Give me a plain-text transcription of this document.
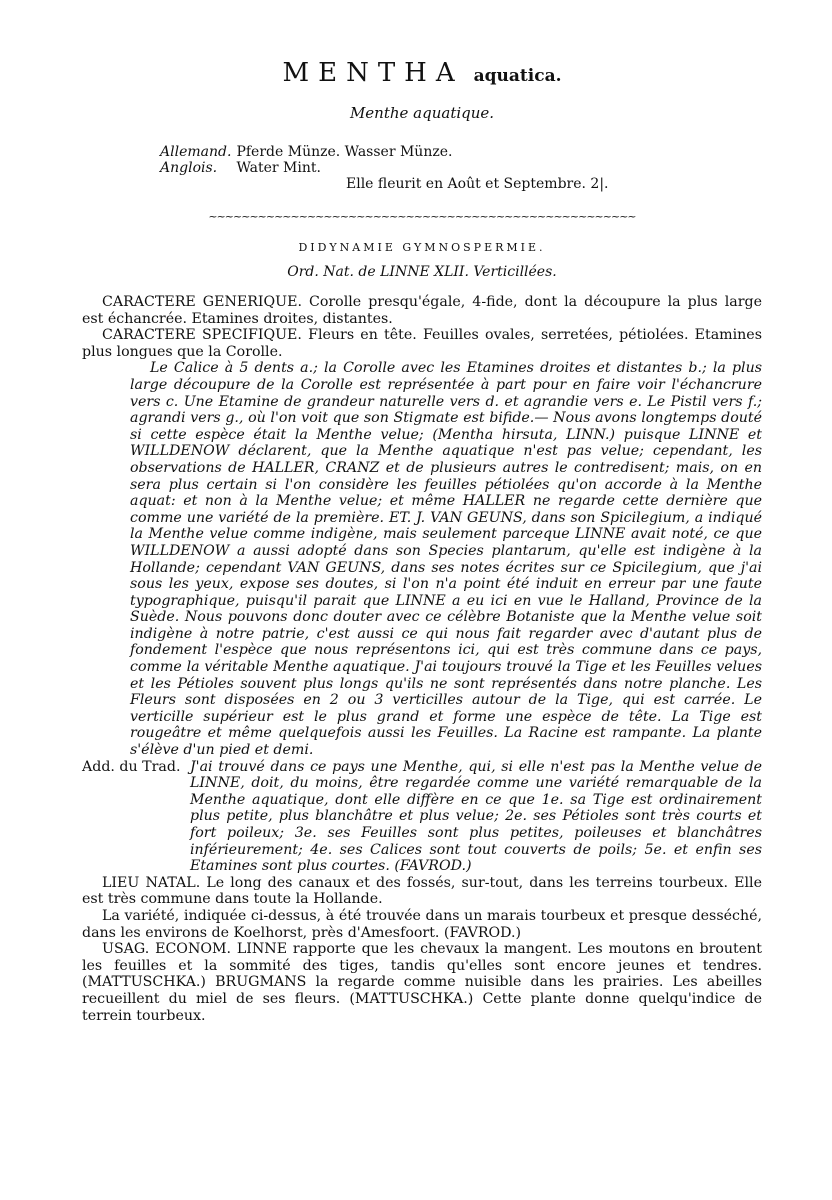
MENTHA aquatica.
Menthe aquatique.
Allemand. Pferde Münze. Wasser Münze.
Anglois. Water Mint.
Elle fleurit en Août et Septembre. 2|.
~~~~~~~~~~~~~~~~~~~~~~~~~~~~~~~~~~~~~~~~~~~~~~~~~~~~
DIDYNAMIE GYMNOSPERMIE.
Ord. Nat. de LINNE XLII. Verticillées.

CARACTERE GENERIQUE. Corolle presqu'égale, 4-fide, dont la découpure la plus large est échancrée. Etamines droites, distantes.

CARACTERE SPECIFIQUE. Fleurs en tête. Feuilles ovales, serretées, pétiolées. Etamines plus longues que la Corolle.

Le Calice à 5 dents a.; la Corolle avec les Etamines droites et distantes b.; la plus large découpure de la Corolle est représentée à part pour en faire voir l'échancrure vers c. Une Etamine de grandeur naturelle vers d. et agrandie vers e. Le Pistil vers f.; agrandi vers g., où l'on voit que son Stigmate est bifide.— Nous avons longtemps douté si cette espèce était la Menthe velue; (Mentha hirsuta, LINN.) puisque LINNE et WILLDENOW déclarent, que la Menthe aquatique n'est pas velue; cependant, les observations de HALLER, CRANZ et de plusieurs autres le contredisent; mais, on en sera plus certain si l'on considère les feuilles pétiolées qu'on accorde à la Menthe aquat: et non à la Menthe velue; et même HALLER ne regarde cette dernière que comme une variété de la première. ET. J. VAN GEUNS, dans son Spicilegium, a indiqué la Menthe velue comme indigène, mais seulement parceque LINNE avait noté, ce que WILLDENOW a aussi adopté dans son Species plantarum, qu'elle est indigène à la Hollande; cependant VAN GEUNS, dans ses notes écrites sur ce Spicilegium, que j'ai sous les yeux, expose ses doutes, si l'on n'a point été induit en erreur par une faute typographique, puisqu'il parait que LINNE a eu ici en vue le Halland, Province de la Suède. Nous pouvons donc douter avec ce célèbre Botaniste que la Menthe velue soit indigène à notre patrie, c'est aussi ce qui nous fait regarder avec d'autant plus de fondement l'espèce que nous représentons ici, qui est très commune dans ce pays, comme la véritable Menthe aquatique. J'ai toujours trouvé la Tige et les Feuilles velues et les Pétioles souvent plus longs qu'ils ne sont représentés dans notre planche. Les Fleurs sont disposées en 2 ou 3 verticilles autour de la Tige, qui est carrée. Le verticille supérieur est le plus grand et forme une espèce de tête. La Tige est rougeâtre et même quelquefois aussi les Feuilles. La Racine est rampante. La plante s'élève d'un pied et demi.

Add. du Trad. J'ai trouvé dans ce pays une Menthe, qui, si elle n'est pas la Menthe velue de LINNE, doit, du moins, être regardée comme une variété remarquable de la Menthe aquatique, dont elle diffère en ce que 1e. sa Tige est ordinairement plus petite, plus blanchâtre et plus velue; 2e. ses Pétioles sont très courts et fort poileux; 3e. ses Feuilles sont plus petites, poileuses et blanchâtres inférieurement; 4e. ses Calices sont tout couverts de poils; 5e. et enfin ses Etamines sont plus courtes. (FAVROD.)

LIEU NATAL. Le long des canaux et des fossés, sur-tout, dans les terreins tourbeux. Elle est très commune dans toute la Hollande.

La variété, indiquée ci-dessus, à été trouvée dans un marais tourbeux et presque desséché, dans les environs de Koelhorst, près d'Amesfoort. (FAVROD.)

USAG. ECONOM. LINNE rapporte que les chevaux la mangent. Les moutons en broutent les feuilles et la sommité des tiges, tandis qu'elles sont encore jeunes et tendres. (MATTUSCHKA.) BRUGMANS la regarde comme nuisible dans les prairies. Les abeilles recueillent du miel de ses fleurs. (MATTUSCHKA.) Cette plante donne quelqu'indice de terrein tourbeux.
